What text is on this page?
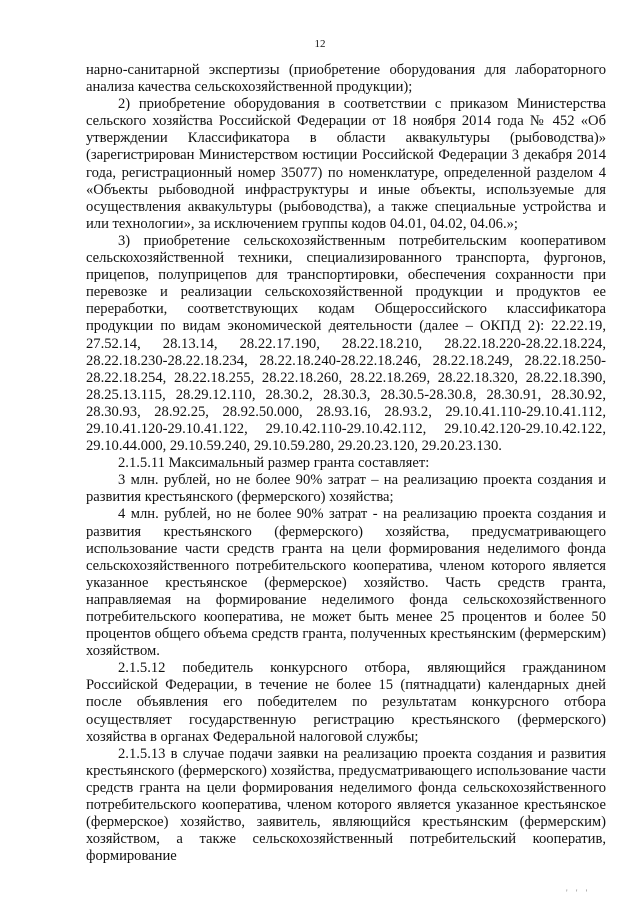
12

нарно-санитарной экспертизы (приобретение оборудования для лабораторного анализа качества сельскохозяйственной продукции);

2) приобретение оборудования в соответствии с приказом Министерства сельского хозяйства Российской Федерации от 18 ноября 2014 года № 452 «Об утверждении Классификатора в области аквакультуры (рыбоводства)» (зарегистрирован Министерством юстиции Российской Федерации 3 декабря 2014 года, регистрационный номер 35077) по номенклатуре, определенной разделом 4 «Объекты рыбоводной инфраструктуры и иные объекты, используемые для осуществления аквакультуры (рыбоводства), а также специальные устройства и или технологии», за исключением группы кодов 04.01, 04.02, 04.06.»;

3) приобретение сельскохозяйственным потребительским кооперативом сельскохозяйственной техники, специализированного транспорта, фургонов, прицепов, полуприцепов для транспортировки, обеспечения сохранности при перевозке и реализации сельскохозяйственной продукции и продуктов ее переработки, соответствующих кодам Общероссийского классификатора продукции по видам экономической деятельности (далее – ОКПД 2): 22.22.19, 27.52.14, 28.13.14, 28.22.17.190, 28.22.18.210, 28.22.18.220-28.22.18.224, 28.22.18.230-28.22.18.234, 28.22.18.240-28.22.18.246, 28.22.18.249, 28.22.18.250-28.22.18.254, 28.22.18.255, 28.22.18.260, 28.22.18.269, 28.22.18.320, 28.22.18.390, 28.25.13.115, 28.29.12.110, 28.30.2, 28.30.3, 28.30.5-28.30.8, 28.30.91, 28.30.92, 28.30.93, 28.92.25, 28.92.50.000, 28.93.16, 28.93.2, 29.10.41.110-29.10.41.112, 29.10.41.120-29.10.41.122, 29.10.42.110-29.10.42.112, 29.10.42.120-29.10.42.122, 29.10.44.000, 29.10.59.240, 29.10.59.280, 29.20.23.120, 29.20.23.130.

2.1.5.11 Максимальный размер гранта составляет:

3 млн. рублей, но не более 90% затрат – на реализацию проекта создания и развития крестьянского (фермерского) хозяйства;

4 млн. рублей, но не более 90% затрат - на реализацию проекта создания и развития крестьянского (фермерского) хозяйства, предусматривающего использование части средств гранта на цели формирования неделимого фонда сельскохозяйственного потребительского кооператива, членом которого является указанное крестьянское (фермерское) хозяйство. Часть средств гранта, направляемая на формирование неделимого фонда сельскохозяйственного потребительского кооператива, не может быть менее 25 процентов и более 50 процентов общего объема средств гранта, полученных крестьянским (фермерским) хозяйством.

2.1.5.12 победитель конкурсного отбора, являющийся гражданином Российской Федерации, в течение не более 15 (пятнадцати) календарных дней после объявления его победителем по результатам конкурсного отбора осуществляет государственную регистрацию крестьянского (фермерского) хозяйства в органах Федеральной налоговой службы;

2.1.5.13 в случае подачи заявки на реализацию проекта создания и развития крестьянского (фермерского) хозяйства, предусматривающего использование части средств гранта на цели формирования неделимого фонда сельскохозяйственного потребительского кооператива, членом которого является указанное крестьянское (фермерское) хозяйство, заявитель, являющийся крестьянским (фермерским) хозяйством, а также сельскохозяйственный потребительский кооператив, формирование

' ' '
